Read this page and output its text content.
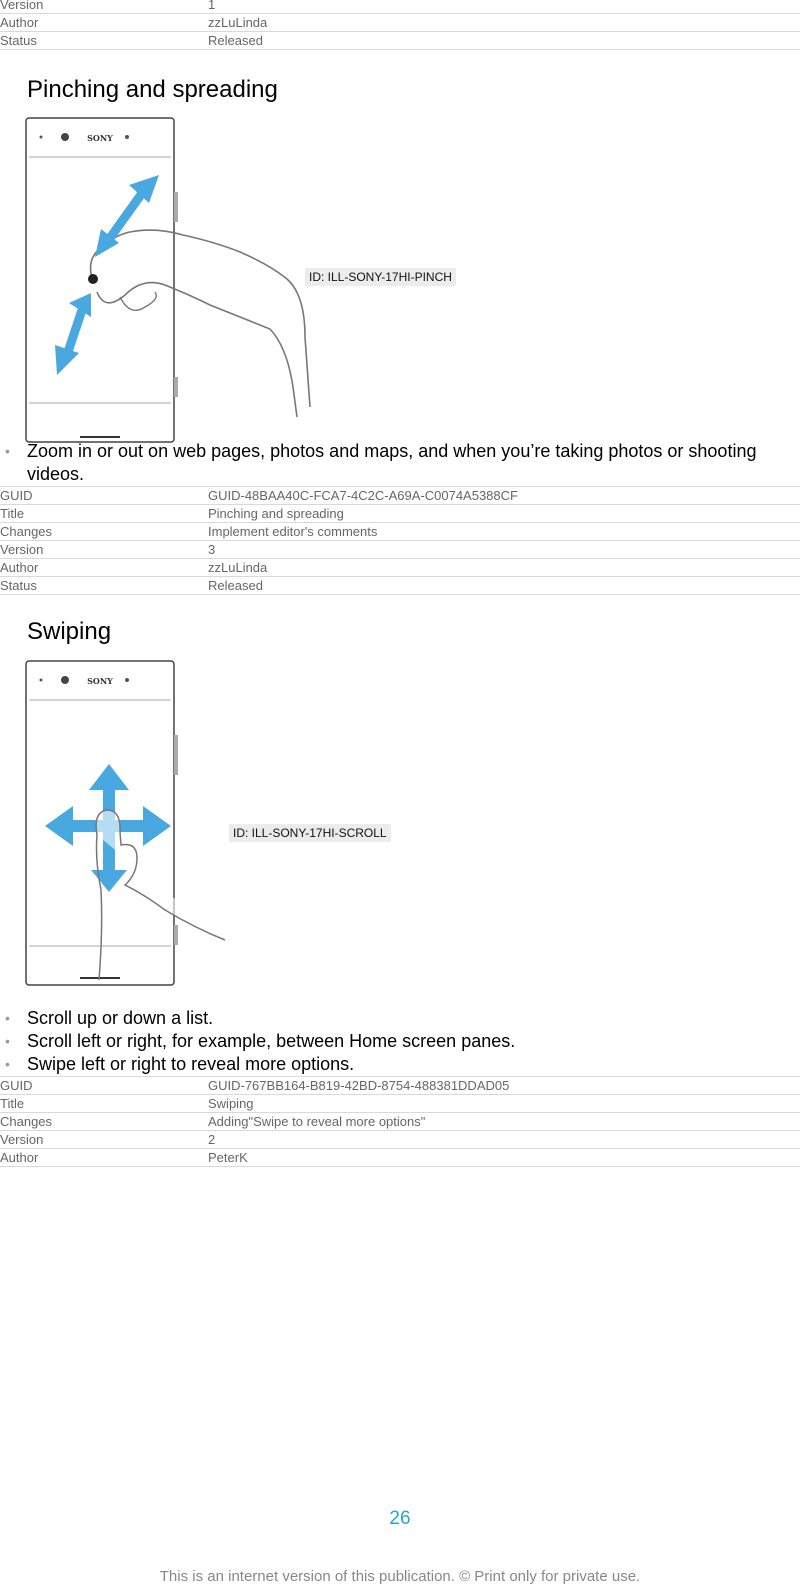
Version	1
Author	zzLuLinda
Status	Released
Pinching and spreading
SONY
ID: ILL-SONY-17HI-PINCH
• Zoom in or out on web pages, photos and maps, and when you’re taking photos or shooting videos.
GUID	GUID-48BAA40C-FCA7-4C2C-A69A-C0074A5388CF
Title	Pinching and spreading
Changes	Implement editor's comments
Version	3
Author	zzLuLinda
Status	Released
Swiping
SONY
ID: ILL-SONY-17HI-SCROLL
• Scroll up or down a list.
• Scroll left or right, for example, between Home screen panes.
• Swipe left or right to reveal more options.
GUID	GUID-767BB164-B819-42BD-8754-488381DDAD05
Title	Swiping
Changes	Adding"Swipe to reveal more options"
Version	2
Author	PeterK
26
This is an internet version of this publication. © Print only for private use.
